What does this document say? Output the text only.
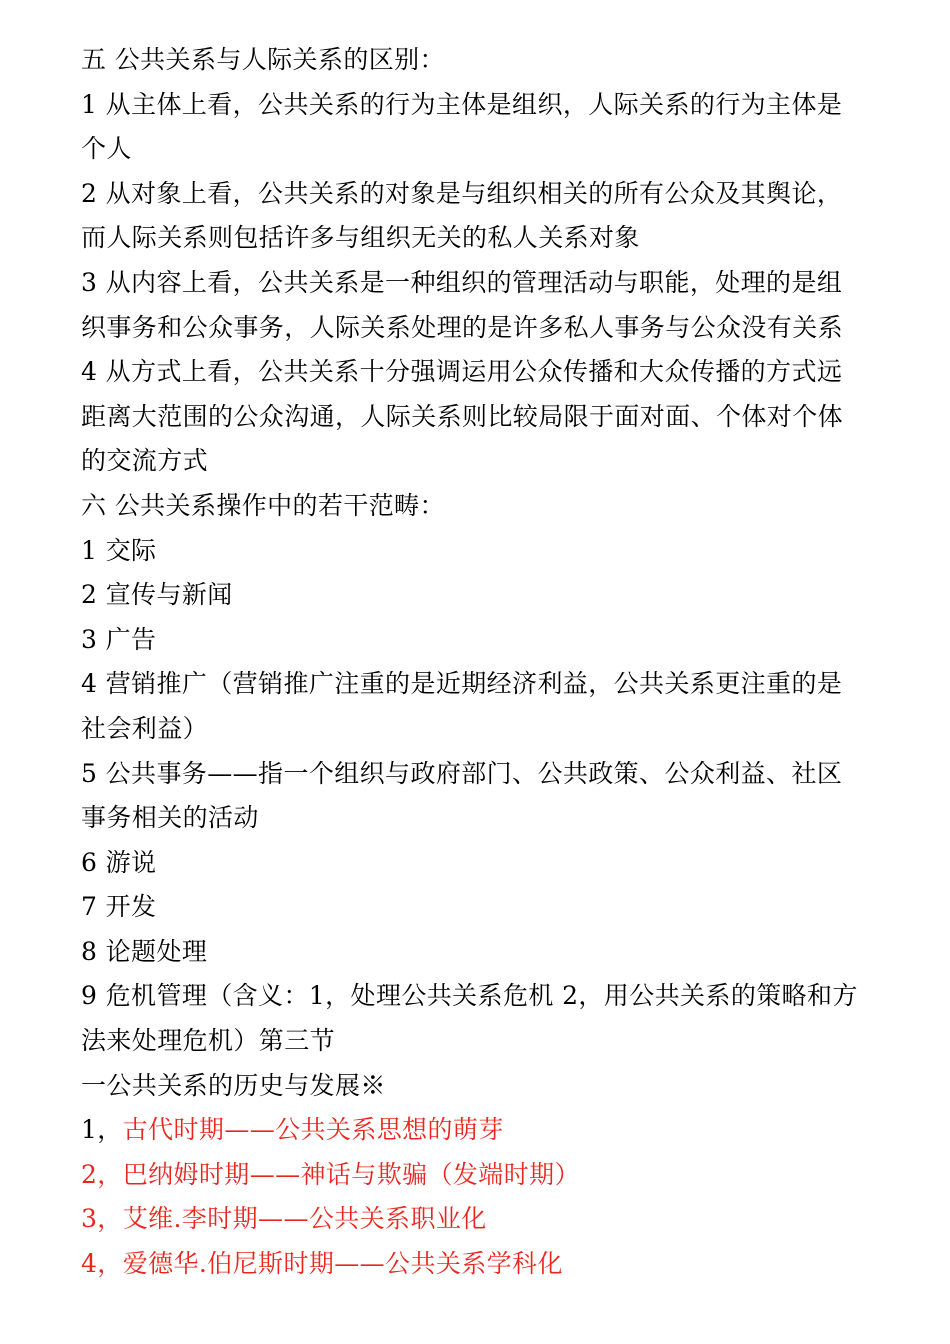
五 公共关系与人际关系的区别：
1 从主体上看，公共关系的行为主体是组织，人际关系的行为主体是
个人
2 从对象上看，公共关系的对象是与组织相关的所有公众及其舆论，
而人际关系则包括许多与组织无关的私人关系对象
3 从内容上看，公共关系是一种组织的管理活动与职能，处理的是组
织事务和公众事务，人际关系处理的是许多私人事务与公众没有关系
4 从方式上看，公共关系十分强调运用公众传播和大众传播的方式远
距离大范围的公众沟通，人际关系则比较局限于面对面、个体对个体
的交流方式
六 公共关系操作中的若干范畴：
1 交际
2 宣传与新闻
3 广告
4 营销推广（营销推广注重的是近期经济利益，公共关系更注重的是
社会利益）
5 公共事务——指一个组织与政府部门、公共政策、公众利益、社区
事务相关的活动
6 游说
7 开发
8 论题处理
9 危机管理（含义：1，处理公共关系危机 2，用公共关系的策略和方
法来处理危机）第三节
一公共关系的历史与发展※
1，古代时期——公共关系思想的萌芽
2，巴纳姆时期——神话与欺骗（发端时期）
3，艾维.李时期——公共关系职业化
4，爱德华.伯尼斯时期——公共关系学科化
